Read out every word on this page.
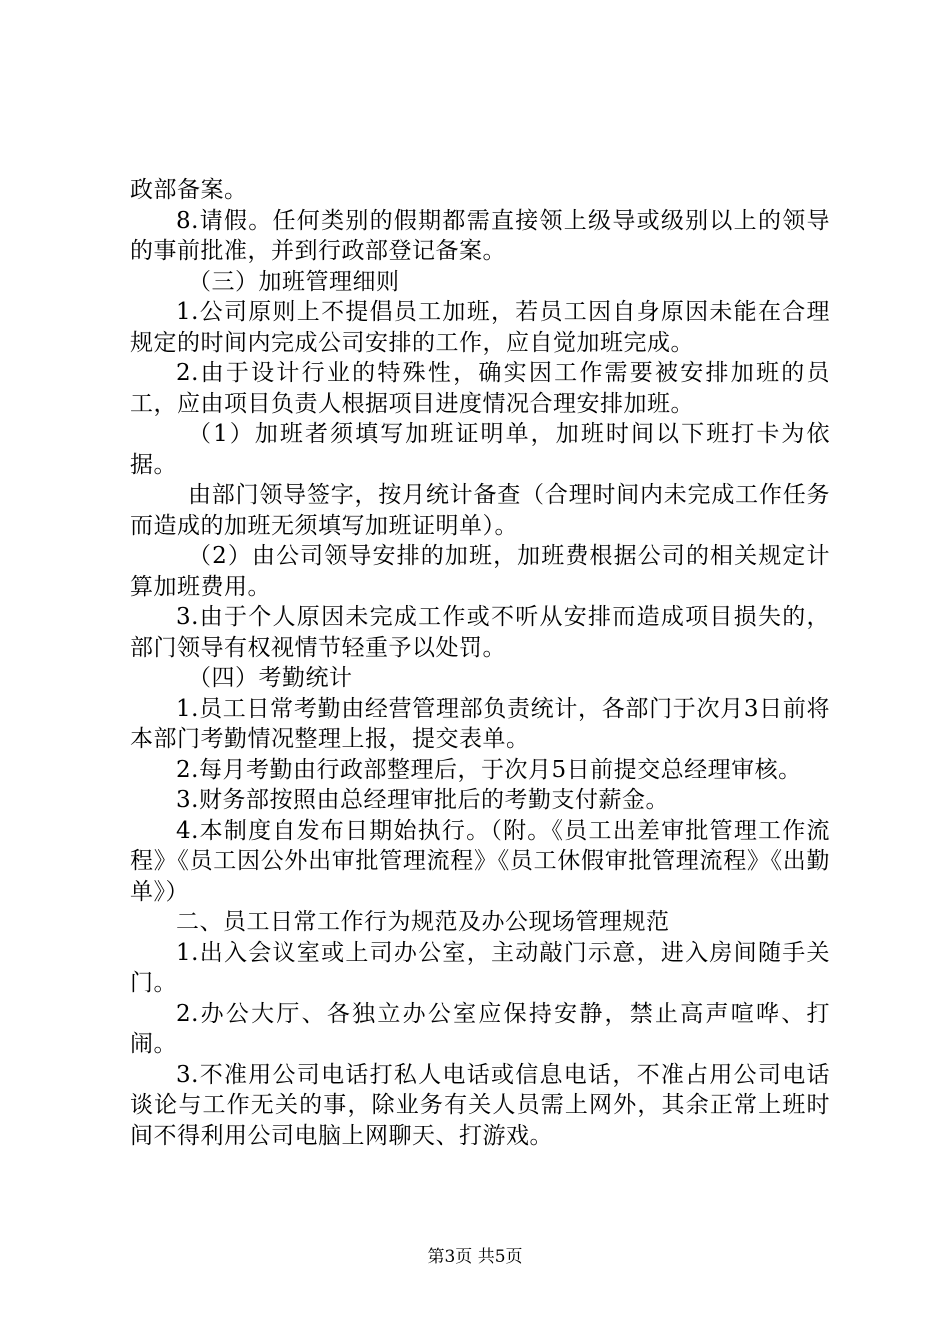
政部备案。

8.请假。任何类别的假期都需直接领上级导或级别以上的领导的事前批准，并到行政部登记备案。

（三）加班管理细则

1.公司原则上不提倡员工加班，若员工因自身原因未能在合理规定的时间内完成公司安排的工作，应自觉加班完成。

2.由于设计行业的特殊性，确实因工作需要被安排加班的员工，应由项目负责人根据项目进度情况合理安排加班。

（1）加班者须填写加班证明单，加班时间以下班打卡为依据。

由部门领导签字，按月统计备查（合理时间内未完成工作任务而造成的加班无须填写加班证明单）。

（2）由公司领导安排的加班，加班费根据公司的相关规定计算加班费用。

3.由于个人原因未完成工作或不听从安排而造成项目损失的，部门领导有权视情节轻重予以处罚。

（四）考勤统计

1.员工日常考勤由经营管理部负责统计，各部门于次月3日前将本部门考勤情况整理上报，提交表单。

2.每月考勤由行政部整理后，于次月5日前提交总经理审核。

3.财务部按照由总经理审批后的考勤支付薪金。

4.本制度自发布日期始执行。（附。《员工出差审批管理工作流程》《员工因公外出审批管理流程》《员工休假审批管理流程》《出勤单》）

二、员工日常工作行为规范及办公现场管理规范

1.出入会议室或上司办公室，主动敲门示意，进入房间随手关门。

2.办公大厅、各独立办公室应保持安静，禁止高声喧哗、打闹。

3.不准用公司电话打私人电话或信息电话，不准占用公司电话谈论与工作无关的事，除业务有关人员需上网外，其余正常上班时间不得利用公司电脑上网聊天、打游戏。

第3页 共5页
